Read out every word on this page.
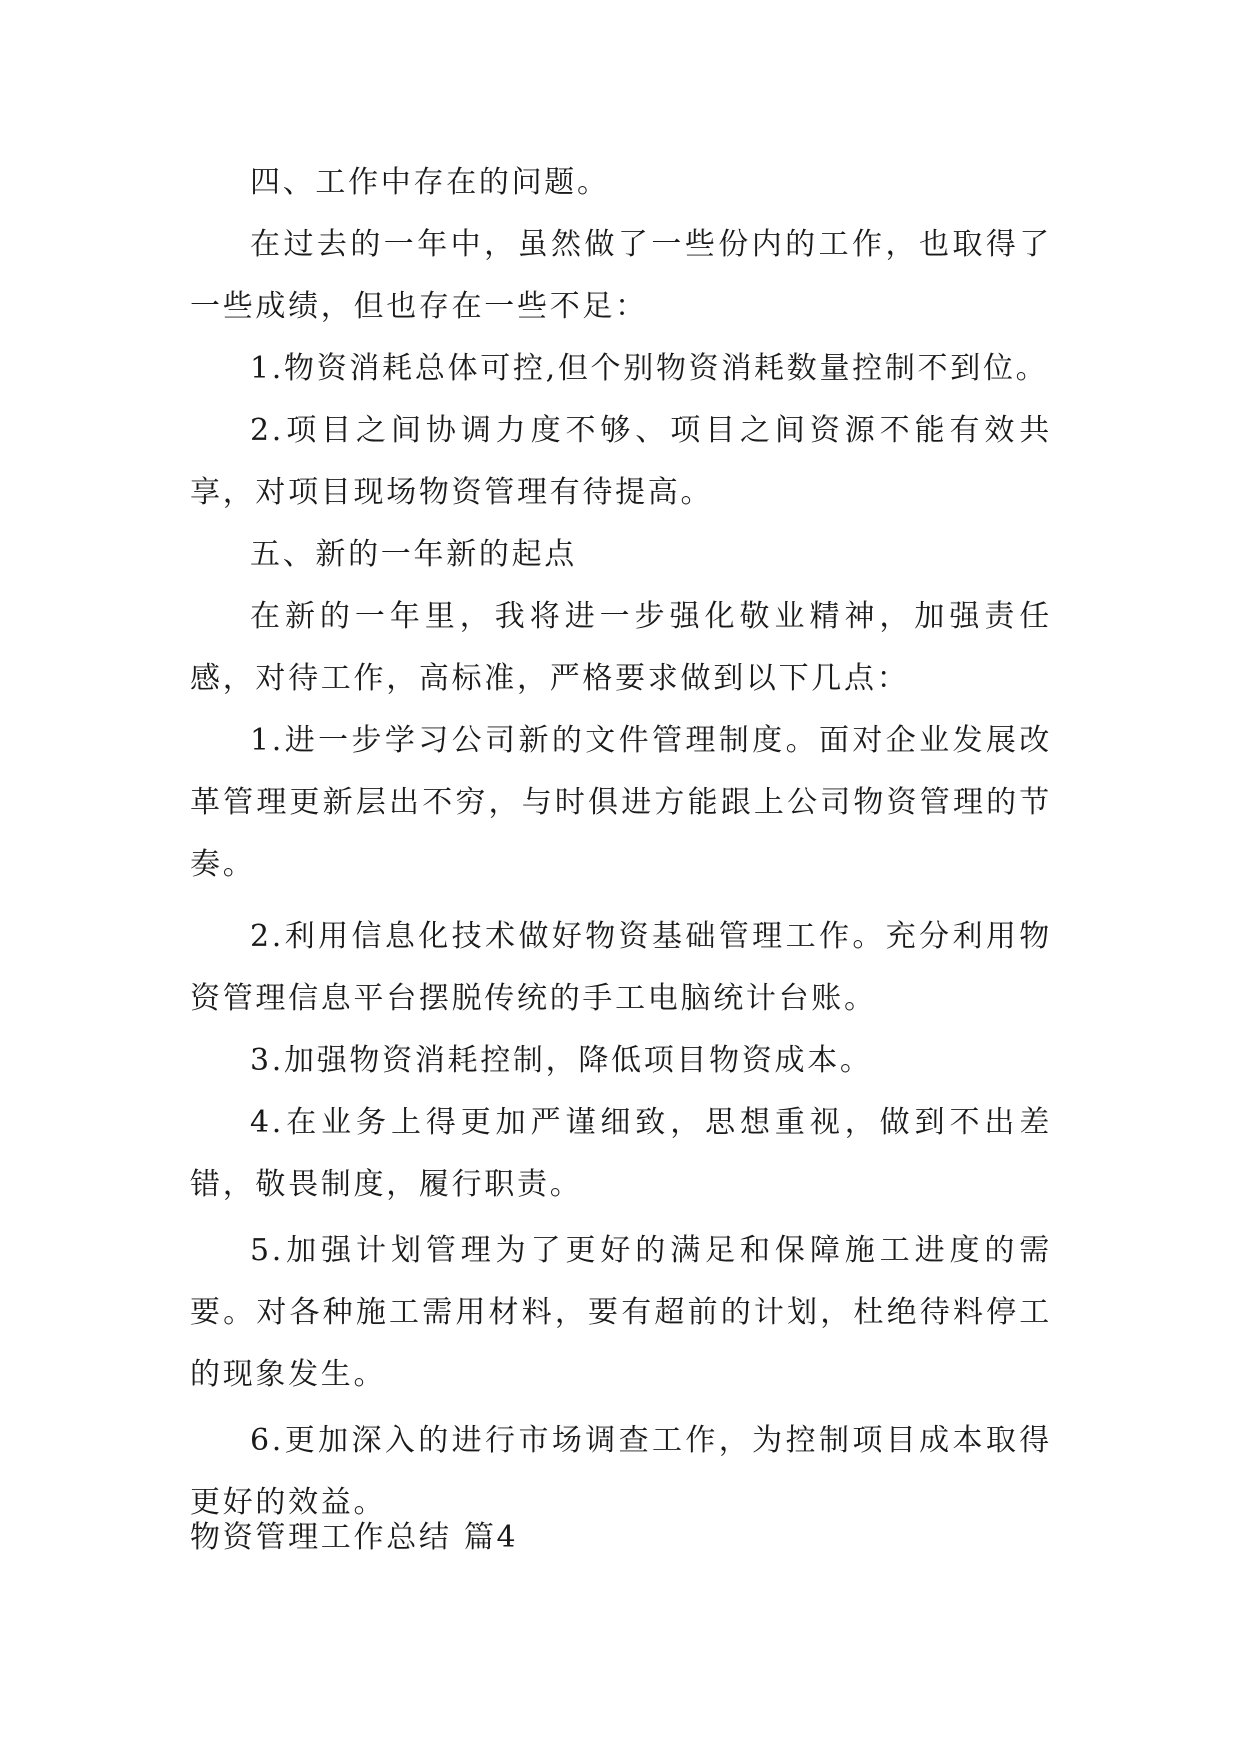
四、工作中存在的问题。

在过去的一年中，虽然做了一些份内的工作，也取得了一些成绩，但也存在一些不足：

1.物资消耗总体可控,但个别物资消耗数量控制不到位。

2.项目之间协调力度不够、项目之间资源不能有效共享，对项目现场物资管理有待提高。

五、新的一年新的起点

在新的一年里，我将进一步强化敬业精神，加强责任感，对待工作，高标准，严格要求做到以下几点：

1.进一步学习公司新的文件管理制度。面对企业发展改革管理更新层出不穷，与时俱进方能跟上公司物资管理的节奏。

2.利用信息化技术做好物资基础管理工作。充分利用物资管理信息平台摆脱传统的手工电脑统计台账。

3.加强物资消耗控制，降低项目物资成本。

4.在业务上得更加严谨细致，思想重视，做到不出差错，敬畏制度，履行职责。

5.加强计划管理为了更好的满足和保障施工进度的需要。对各种施工需用材料，要有超前的计划，杜绝待料停工的现象发生。

6.更加深入的进行市场调查工作，为控制项目成本取得更好的效益。

物资管理工作总结 篇4
